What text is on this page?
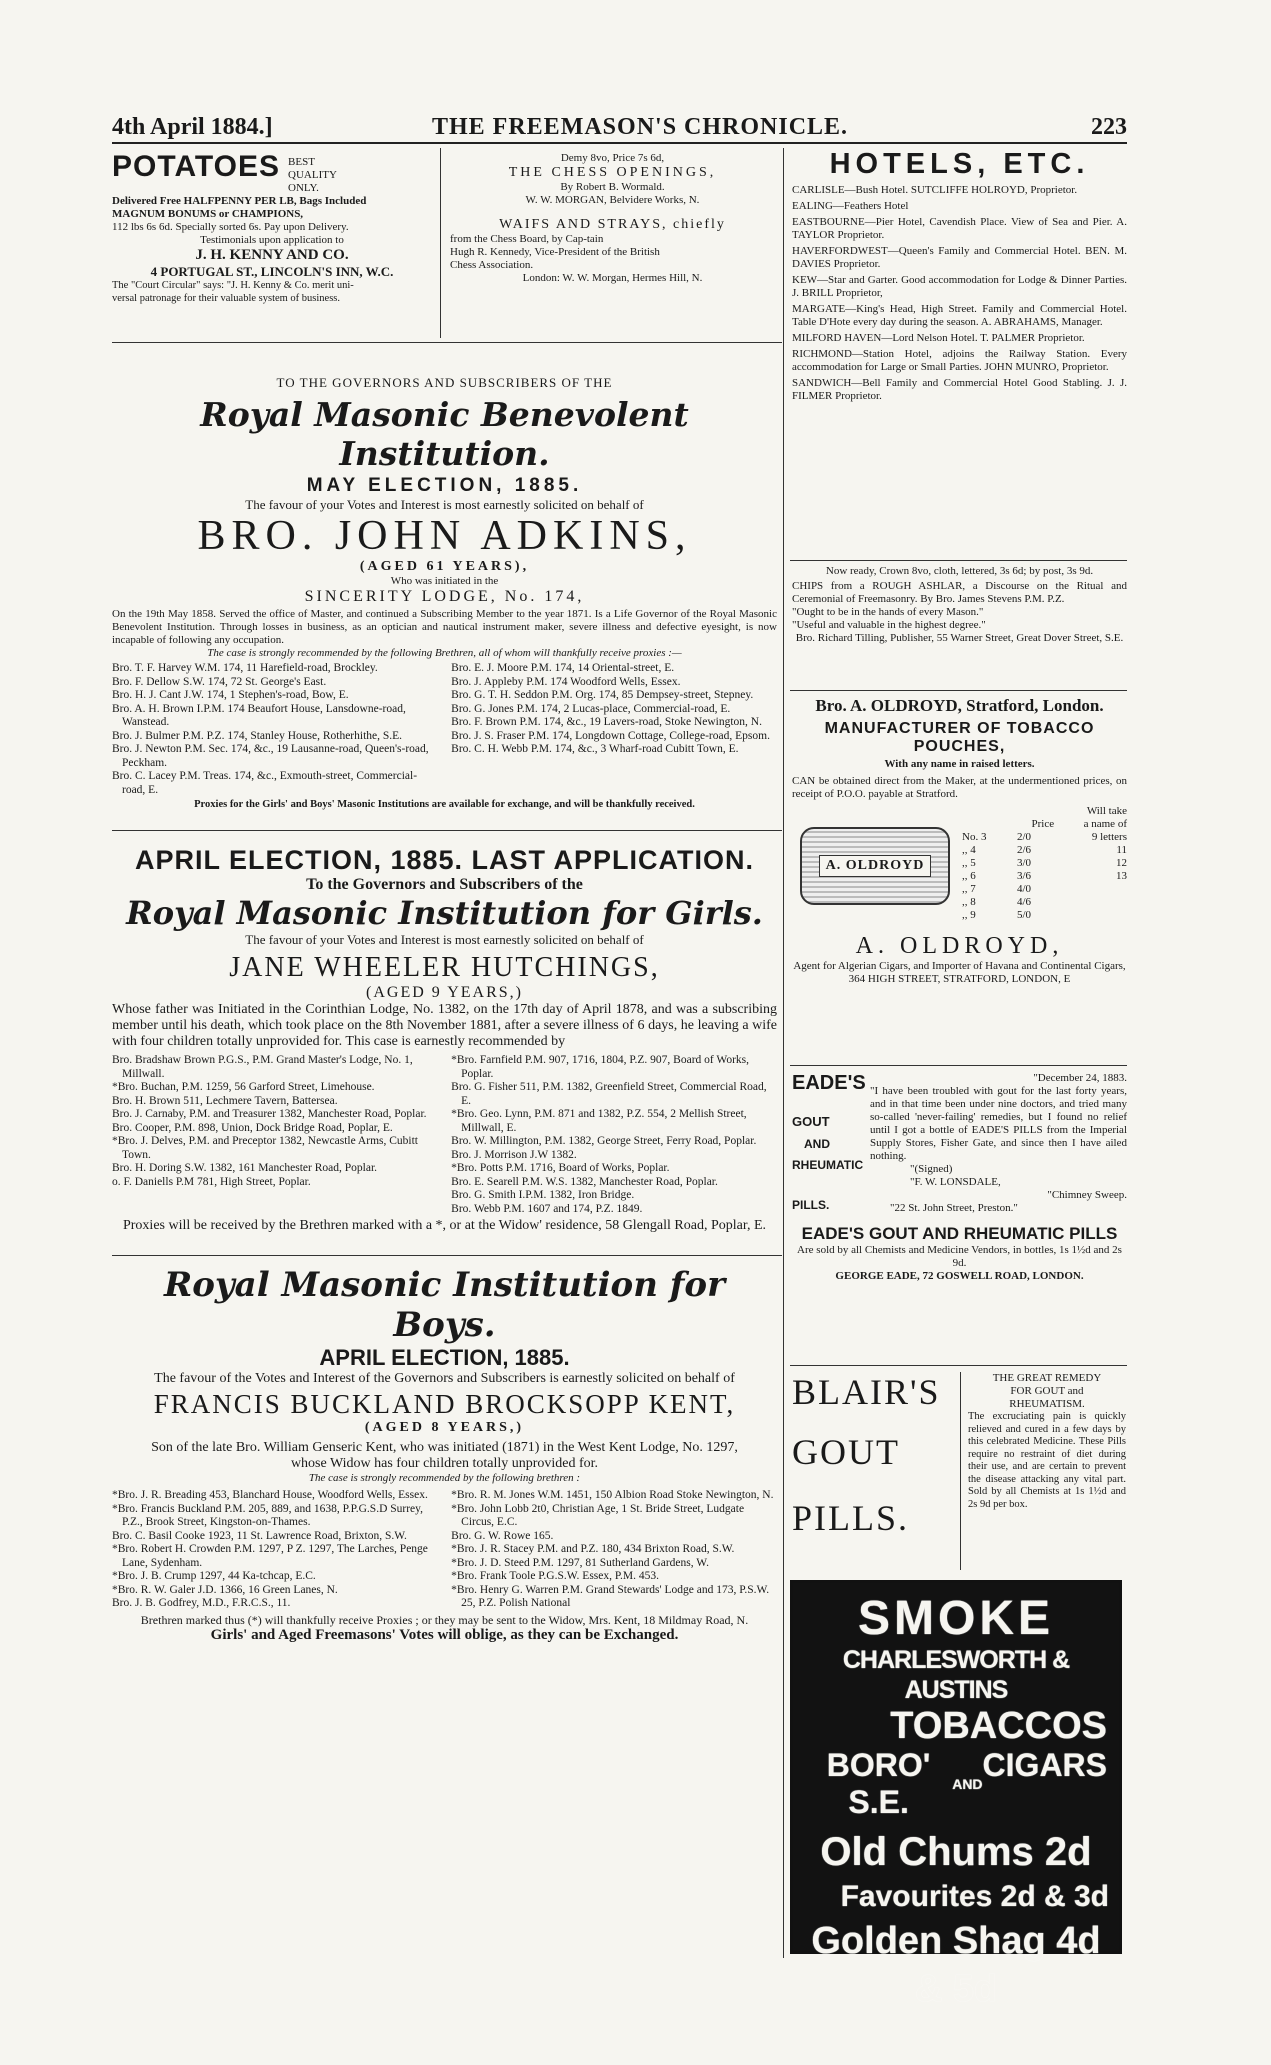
4th April 1884.]	THE FREEMASON'S CHRONICLE.	223
POTATOES BEST QUALITY ONLY.
Delivered Free HALFPENNY PER LB, Bags Included
MAGNUM BONUMS or CHAMPIONS,
112 lbs 6s 6d. Specially sorted 6s. Pay upon Delivery.
Testimonials upon application to
J. H. KENNY AND CO.
4 PORTUGAL ST., LINCOLN'S INN, W.C.
The "Court Circular" says: "J. H. Kenny & Co. merit uni-
versal patronage for their valuable system of business.
Demy 8vo, Price 7s 6d,
THE CHESS OPENINGS,
By Robert B. Wormald.
W. W. MORGAN, Belvidere Works, N.
WAIFS AND STRAYS, chiefly
from the Chess Board, by Cap-tain
Hugh R. Kennedy, Vice-President of the British
Chess Association.
London: W. W. Morgan, Hermes Hill, N.
TO THE GOVERNORS AND SUBSCRIBERS OF THE
Royal Masonic Benevolent Institution.
MAY ELECTION, 1885.
The favour of your Votes and Interest is most earnestly solicited on behalf of
BRO. JOHN ADKINS,
(AGED 61 YEARS),
Who was initiated in the
SINCERITY LODGE, No. 174,
On the 19th May 1858. Served the office of Master, and continued a Subscribing Member to the year 1871. Is a Life Governor of the Royal Masonic Benevolent Institution. Through losses in business, as an optician and nautical instrument maker, severe illness and defective eyesight, is now incapable of following any occupation.
The case is strongly recommended by the following Brethren, all of whom will thankfully receive proxies :—

Bro. T. F. Harvey W.M. 174, 11 Harefield-road, Brockley.

Bro. F. Dellow S.W. 174, 72 St. George's East.

Bro. H. J. Cant J.W. 174, 1 Stephen's-road, Bow, E.

Bro. A. H. Brown I.P.M. 174 Beaufort House, Lansdowne-road, Wanstead.

Bro. J. Bulmer P.M. P.Z. 174, Stanley House, Rotherhithe, S.E.

Bro. J. Newton P.M. Sec. 174, &c., 19 Lausanne-road, Queen's-road, Peckham.

Bro. C. Lacey P.M. Treas. 174, &c., Exmouth-street, Commercial-road, E.

Bro. E. J. Moore P.M. 174, 14 Oriental-street, E.

Bro. J. Appleby P.M. 174 Woodford Wells, Essex.

Bro. G. T. H. Seddon P.M. Org. 174, 85 Dempsey-street, Stepney.

Bro. G. Jones P.M. 174, 2 Lucas-place, Commercial-road, E.

Bro. F. Brown P.M. 174, &c., 19 Lavers-road, Stoke Newington, N.

Bro. J. S. Fraser P.M. 174, Longdown Cottage, College-road, Epsom.

Bro. C. H. Webb P.M. 174, &c., 3 Wharf-road Cubitt Town, E.

Proxies for the Girls' and Boys' Masonic Institutions are available for exchange, and will be thankfully received.
APRIL ELECTION, 1885. LAST APPLICATION.
To the Governors and Subscribers of the
Royal Masonic Institution for Girls.
The favour of your Votes and Interest is most earnestly solicited on behalf of
JANE WHEELER HUTCHINGS,
(AGED 9 YEARS,)
Whose father was Initiated in the Corinthian Lodge, No. 1382, on the 17th day of April 1878, and was a subscribing member until his death, which took place on the 8th November 1881, after a severe illness of 6 days, he leaving a wife with four children totally unprovided for. This case is earnestly recommended by

Bro. Bradshaw Brown P.G.S., P.M. Grand Master's Lodge, No. 1, Millwall.

*Bro. Buchan, P.M. 1259, 56 Garford Street, Limehouse.

Bro. H. Brown 511, Lechmere Tavern, Battersea.

Bro. J. Carnaby, P.M. and Treasurer 1382, Manchester Road, Poplar.

Bro. Cooper, P.M. 898, Union, Dock Bridge Road, Poplar, E.

*Bro. J. Delves, P.M. and Preceptor 1382, Newcastle Arms, Cubitt Town.

Bro. H. Doring S.W. 1382, 161 Manchester Road, Poplar.

o. F. Daniells P.M 781, High Street, Poplar.

*Bro. Farnfield P.M. 907, 1716, 1804, P.Z. 907, Board of Works, Poplar.

Bro. G. Fisher 511, P.M. 1382, Greenfield Street, Commercial Road, E.

*Bro. Geo. Lynn, P.M. 871 and 1382, P.Z. 554, 2 Mellish Street, Millwall, E.

Bro. W. Millington, P.M. 1382, George Street, Ferry Road, Poplar.

Bro. J. Morrison J.W 1382.

*Bro. Potts P.M. 1716, Board of Works, Poplar.

Bro. E. Searell P.M. W.S. 1382, Manchester Road, Poplar.

Bro. G. Smith I.P.M. 1382, Iron Bridge.

Bro. Webb P.M. 1607 and 174, P.Z. 1849.

Proxies will be received by the Brethren marked with a *, or at the Widow' residence, 58 Glengall Road, Poplar, E.
Royal Masonic Institution for Boys.
APRIL ELECTION, 1885.
The favour of the Votes and Interest of the Governors and Subscribers is earnestly solicited on behalf of
FRANCIS BUCKLAND BROCKSOPP KENT,
(AGED 8 YEARS,)
Son of the late Bro. William Genseric Kent, who was initiated (1871) in the West Kent Lodge, No. 1297, whose Widow has four children totally unprovided for.
The case is strongly recommended by the following brethren :

*Bro. J. R. Breading 453, Blanchard House, Woodford Wells, Essex.

*Bro. Francis Buckland P.M. 205, 889, and 1638, P.P.G.S.D Surrey, P.Z., Brook Street, Kingston-on-Thames.

Bro. C. Basil Cooke 1923, 11 St. Lawrence Road, Brixton, S.W.

*Bro. Robert H. Crowden P.M. 1297, P Z. 1297, The Larches, Penge Lane, Sydenham.

*Bro. J. B. Crump 1297, 44 Ka-tchcap, E.C.

*Bro. R. W. Galer J.D. 1366, 16 Green Lanes, N.

Bro. J. B. Godfrey, M.D., F.R.C.S., 11.

*Bro. R. M. Jones W.M. 1451, 150 Albion Road Stoke Newington, N.

*Bro. John Lobb 2t0, Christian Age, 1 St. Bride Street, Ludgate Circus, E.C.

Bro. G. W. Rowe 165.

*Bro. J. R. Stacey P.M. and P.Z. 180, 434 Brixton Road, S.W.

*Bro. J. D. Steed P.M. 1297, 81 Sutherland Gardens, W.

*Bro. Frank Toole P.G.S.W. Essex, P.M. 453.

*Bro. Henry G. Warren P.M. Grand Stewards' Lodge and 173, P.S.W. 25, P.Z. Polish National

Brethren marked thus (*) will thankfully receive Proxies ; or they may be sent to the Widow, Mrs. Kent, 18 Mildmay Road, N.
Girls' and Aged Freemasons' Votes will oblige, as they can be Exchanged.
HOTELS, ETC.
CARLISLE—Bush Hotel. SUTCLIFFE HOLROYD, Proprietor.
EALING—Feathers Hotel
EASTBOURNE—Pier Hotel, Cavendish Place. View of Sea and Pier. A. TAYLOR Proprietor.
HAVERFORDWEST—Queen's Family and Commercial Hotel. BEN. M. DAVIES Proprietor.
KEW—Star and Garter. Good accommodation for Lodge & Dinner Parties. J. BRILL Proprietor,
MARGATE—King's Head, High Street. Family and Commercial Hotel. Table D'Hote every day during the season. A. ABRAHAMS, Manager.
MILFORD HAVEN—Lord Nelson Hotel. T. PALMER Proprietor.
RICHMOND—Station Hotel, adjoins the Railway Station. Every accommodation for Large or Small Parties. JOHN MUNRO, Proprietor.
SANDWICH—Bell Family and Commercial Hotel Good Stabling. J. J. FILMER Proprietor.
Now ready, Crown 8vo, cloth, lettered, 3s 6d; by post, 3s 9d.
CHIPS from a ROUGH ASHLAR, a Discourse on the Ritual and Ceremonial of Freemasonry. By Bro. James Stevens P.M. P.Z.
"Ought to be in the hands of every Mason."
"Useful and valuable in the highest degree."
Bro. Richard Tilling, Publisher, 55 Warner Street, Great Dover Street, S.E.
Bro. A. OLDROYD, Stratford, London.
MANUFACTURER OF TOBACCO POUCHES,
With any name in raised letters.
CAN be obtained direct from the Maker, at the undermentioned prices, on receipt of P.O.O. payable at Stratford.
A. OLDROYD
Will take
Price	a name of
No. 3	2/0	9 letters
,, 4	2/6	11
,, 5	3/0	12
,, 6	3/6	13
,, 7	4/0
,, 8	4/6
,, 9	5/0
A. OLDROYD,
Agent for Algerian Cigars, and Importer of Havana and Continental Cigars,
364 HIGH STREET, STRATFORD, LONDON, E
EADE'S
GOUT
AND
RHEUMATIC
PILLS.
"December 24, 1883.
"I have been troubled with gout for the last forty years, and in that time been under nine doctors, and tried many so-called 'never-failing' remedies, but I found no relief until I got a bottle of EADE'S PILLS from the Imperial Supply Stores, Fisher Gate, and since then I have ailed nothing.
"(Signed)
"F. W. LONSDALE,
"Chimney Sweep.
"22 St. John Street, Preston."
EADE'S GOUT AND RHEUMATIC PILLS
Are sold by all Chemists and Medicine Vendors, in bottles, 1s 1½d and 2s 9d.
GEORGE EADE, 72 GOSWELL ROAD, LONDON.
BLAIR'S
GOUT
PILLS.
THE GREAT REMEDY
FOR GOUT and
RHEUMATISM.
The excruciating pain is quickly relieved and cured in a few days by this celebrated Medicine. These Pills require no restraint of diet during their use, and are certain to prevent the disease attacking any vital part. Sold by all Chemists at 1s 1½d and 2s 9d per box.
SMOKE
CHARLESWORTH & AUSTINS
TOBACCOS
BORO' S.E.	AND
CIGARS
Old Chums 2d
Favourites 2d & 3d
Golden Shag 4d & 5d
